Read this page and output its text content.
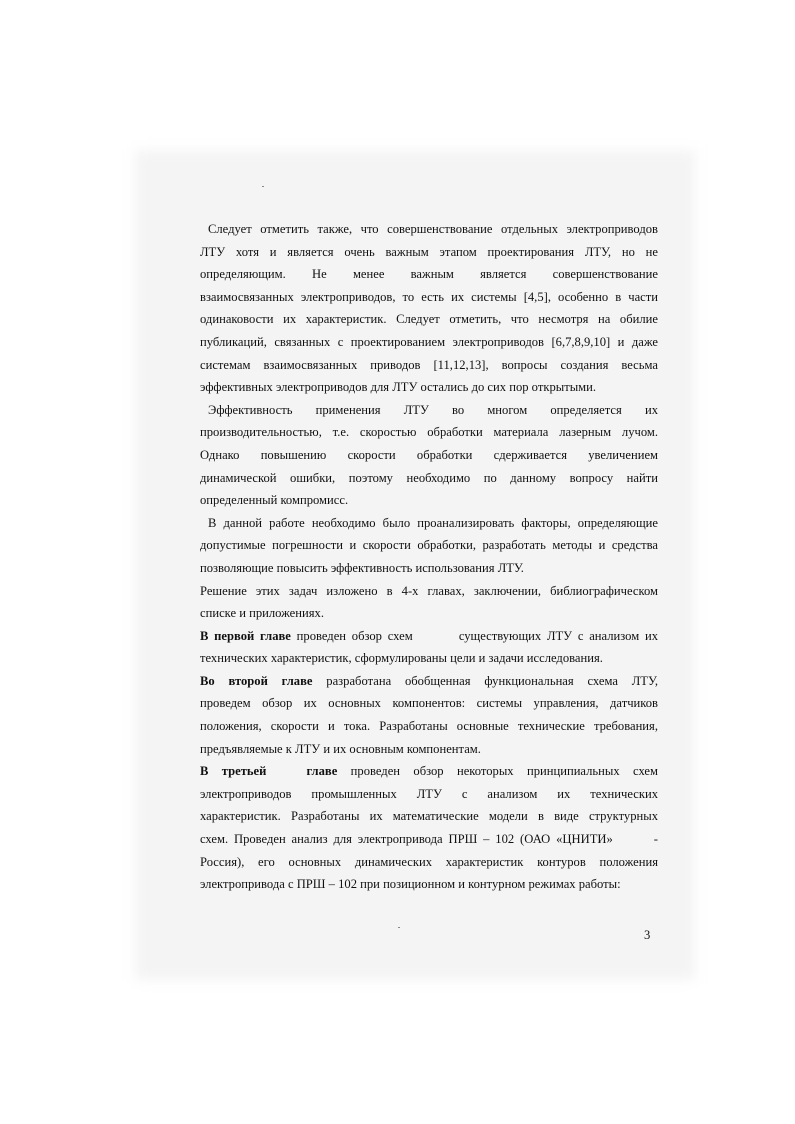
Следует отметить также, что совершенствование отдельных электроприводов
ЛТУ хотя и является очень важным этапом проектирования ЛТУ, но не
определяющим. Не менее важным является совершенствование
взаимосвязанных электроприводов, то есть их системы [4,5], особенно в части
одинаковости их характеристик. Следует отметить, что несмотря на обилие
публикаций, связанных с проектированием электроприводов [6,7,8,9,10] и даже
системам взаимосвязанных приводов [11,12,13], вопросы создания весьма
эффективных электроприводов для ЛТУ остались до сих пор открытыми.
Эффективность применения ЛТУ во многом определяется их
производительностью, т.е. скоростью обработки материала лазерным лучом.
Однако повышению скорости обработки сдерживается увеличением
динамической ошибки, поэтому необходимо по данному вопросу найти
определенный компромисс.
В данной работе необходимо было проанализировать факторы, определяющие
допустимые погрешности и скорости обработки, разработать методы и средства
позволяющие повысить эффективность использования ЛТУ.
Решение этих задач изложено в 4-х главах, заключении, библиографическом
списке и приложениях.
В первой главе проведен обзор схем        существующих ЛТУ с анализом их
технических характеристик, сформулированы цели и задачи исследования.
Во второй главе разработана обобщенная функциональная схема ЛТУ,
проведем обзор их основных компонентов: системы управления, датчиков
положения, скорости и тока. Разработаны основные технические требования,
предъявляемые к ЛТУ и их основным компонентам.
В третьей   главе проведен обзор некоторых принципиальных схем
электроприводов промышленных ЛТУ с анализом их технических
характеристик. Разработаны их математические модели в виде структурных
схем. Проведен анализ для электропривода ПРШ – 102 (ОАО «ЦНИТИ»       -
Россия), его основных динамических характеристик контуров положения
электропривода с ПРШ – 102 при позиционном и контурном режимах работы:
3
